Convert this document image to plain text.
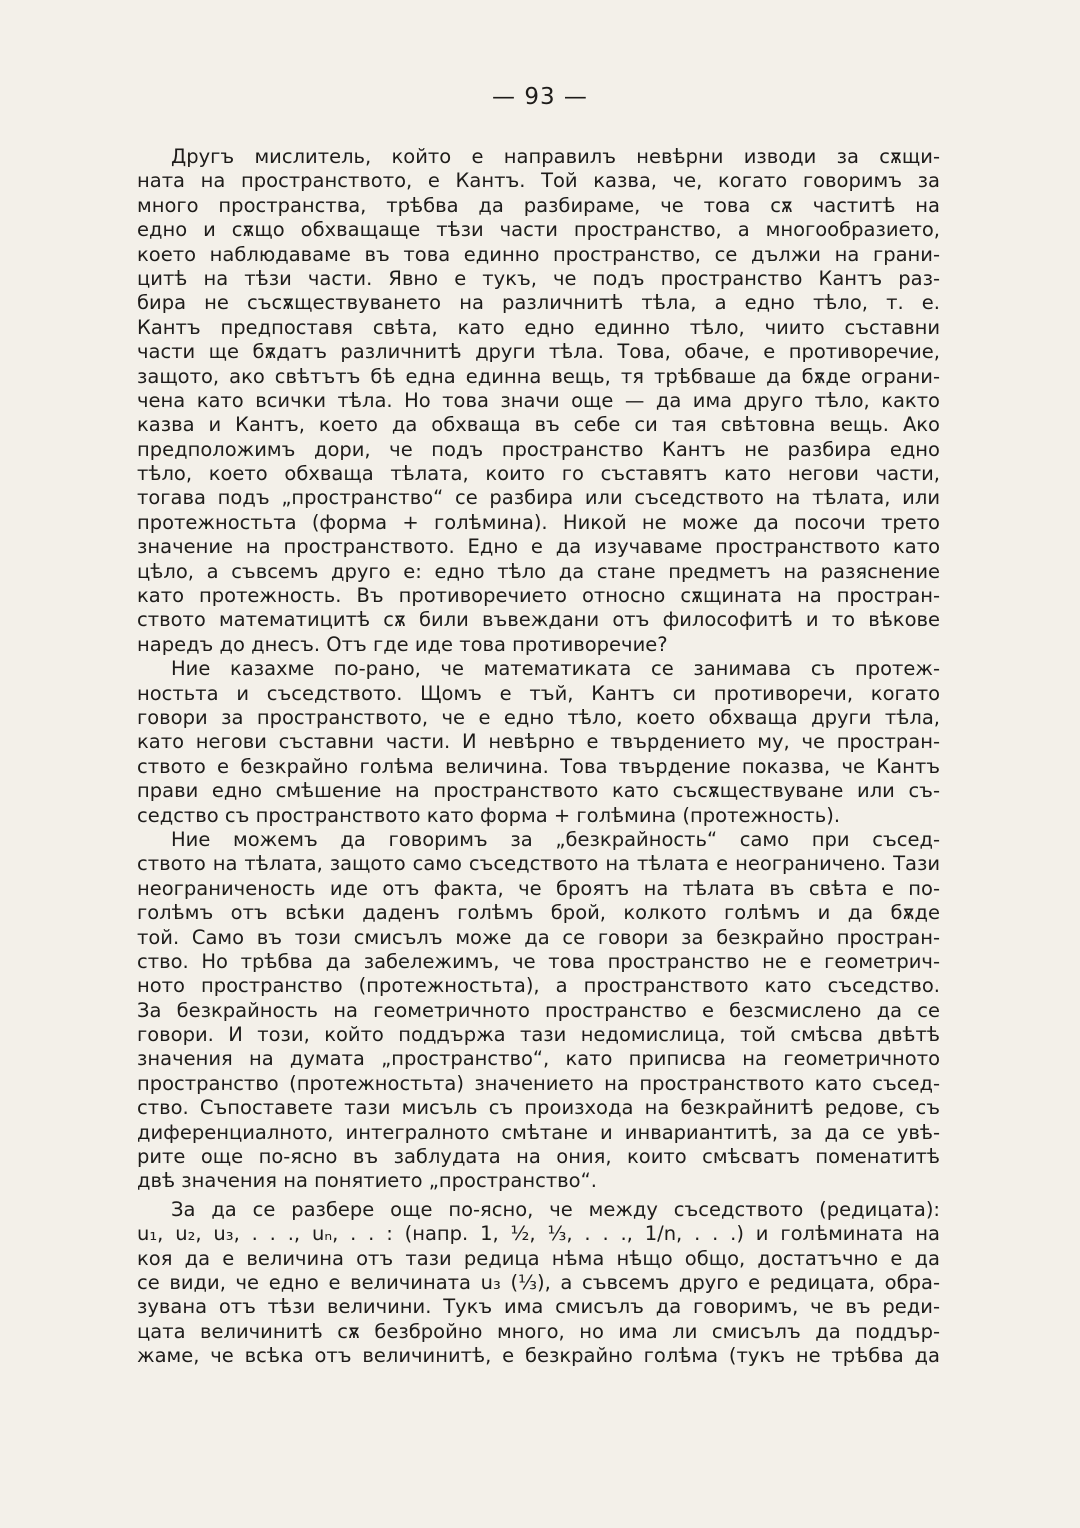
— 93 —
Другъ мислитель, който е направилъ невѣрни изводи за сѫщи-
ната на пространството, е Кантъ. Той казва, че, когато говоримъ за
много пространства, трѣбва да разбираме, че това сѫ частитѣ на
едно и сѫщо обхващаще тѣзи части пространство, а многообразието,
което наблюдаваме въ това единно пространство, се дължи на грани-
цитѣ на тѣзи части. Явно е тукъ, че подъ пространство Кантъ раз-
бира не съсѫществуването на различнитѣ тѣла, а едно тѣло, т. е.
Кантъ предпоставя свѣта, като едно единно тѣло, чиито съставни
части ще бѫдатъ различнитѣ други тѣла. Това, обаче, е противоречие,
защото, ако свѣтътъ бѣ една единна вещь, тя трѣбваше да бѫде ограни-
чена като всички тѣла. Но това значи още — да има друго тѣло, както
казва и Кантъ, което да обхваща въ себе си тая свѣтовна вещь. Ако
предположимъ дори, че подъ пространство Кантъ не разбира едно
тѣло, което обхваща тѣлата, които го съставятъ като негови части,
тогава подъ „пространство“ се разбира или съседството на тѣлата, или
протежностьта (форма + голѣмина). Никой не може да посочи трето
значение на пространството. Едно е да изучаваме пространството като
цѣло, а съвсемъ друго е: едно тѣло да стане предметъ на разяснение
като протежность. Въ противоречието относно сѫщината на простран-
ството математицитѣ сѫ били въвеждани отъ философитѣ и то вѣкове
наредъ до днесъ. Отъ где иде това противоречие?
Ние казахме по-рано, че математиката се занимава съ протеж-
ностьта и съседството. Щомъ е тъй, Кантъ си противоречи, когато
говори за пространството, че е едно тѣло, което обхваща други тѣла,
като негови съставни части. И невѣрно е твърдението му, че простран-
ството е безкрайно голѣма величина. Това твърдение показва, че Кантъ
прави едно смѣшение на пространството като съсѫществуване или съ-
седство съ пространството като форма + голѣмина (протежность).
Ние можемъ да говоримъ за „безкрайность“ само при съсед-
ството на тѣлата, защото само съседството на тѣлата е неограничено. Тази
неограниченость иде отъ факта, че броятъ на тѣлата въ свѣта е по-
голѣмъ отъ всѣки даденъ голѣмъ брой, колкото голѣмъ и да бѫде
той. Само въ този смисълъ може да се говори за безкрайно простран-
ство. Но трѣбва да забележимъ, че това пространство не е геометрич-
ното пространство (протежностьта), а пространството като съседство.
За безкрайность на геометричното пространство е безсмислено да се
говори. И този, който поддържа тази недомислица, той смѣсва двѣтѣ
значения на думата „пространство“, като приписва на геометричното
пространство (протежностьта) значението на пространството като съсед-
ство. Съпоставете тази мисъль съ произхода на безкрайнитѣ редове, съ
диференциалното, интегралното смѣтане и инвариантитѣ, за да се увѣ-
рите още по-ясно въ заблудата на ония, които смѣсватъ поменатитѣ
двѣ значения на понятието „пространство“.
За да се разбере още по-ясно, че между съседството (редицата):
u₁, u₂, u₃, . . ., uₙ, . . : (напр. 1, ½, ⅓, . . ., 1/n, . . .) и голѣмината на
коя да е величина отъ тази редица нѣма нѣщо общо, достатъчно е да
се види, че едно е величината u₃ (⅓), а съвсемъ друго е редицата, обра-
зувана отъ тѣзи величини. Тукъ има смисълъ да говоримъ, че въ реди-
цата величинитѣ сѫ безбройно много, но има ли смисълъ да поддър-
жаме, че всѣка отъ величинитѣ, е безкрайно голѣма (тукъ не трѣбва да
